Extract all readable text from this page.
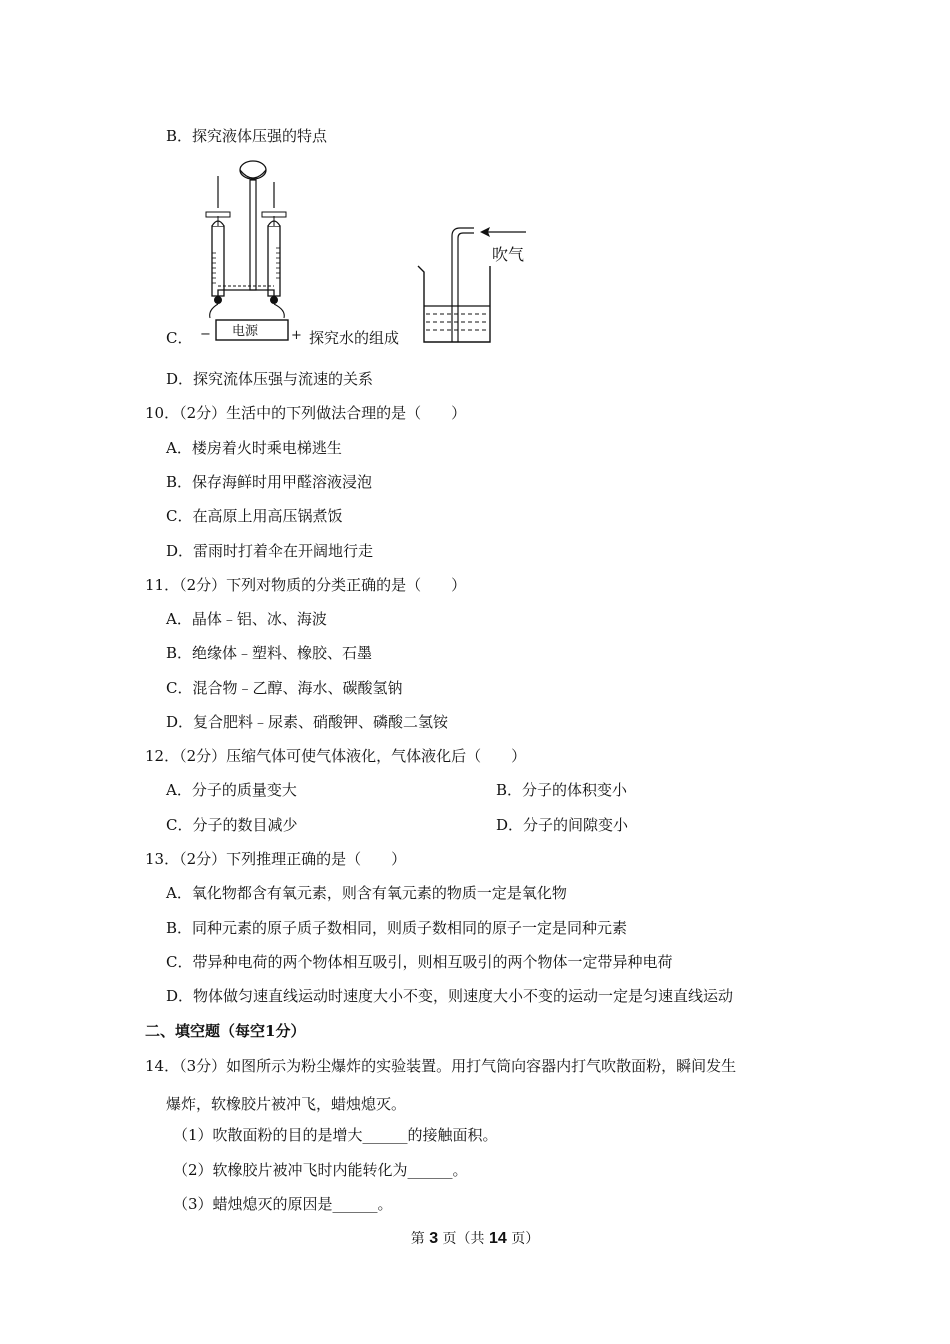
B．探究液体压强的特点
电源
−	+
C．	探究水的组成
吹气
D．探究流体压强与流速的关系
10．（2分）生活中的下列做法合理的是（　　）
A．楼房着火时乘电梯逃生
B．保存海鲜时用甲醛溶液浸泡
C．在高原上用高压锅煮饭
D．雷雨时打着伞在开阔地行走
11．（2分）下列对物质的分类正确的是（　　）
A．晶体﹣铝、冰、海波
B．绝缘体﹣塑料、橡胶、石墨
C．混合物﹣乙醇、海水、碳酸氢钠
D．复合肥料﹣尿素、硝酸钾、磷酸二氢铵
12．（2分）压缩气体可使气体液化，气体液化后（　　）
A．分子的质量变大	B．分子的体积变小
C．分子的数目减少	D．分子的间隙变小
13．（2分）下列推理正确的是（　　）
A．氧化物都含有氧元素，则含有氧元素的物质一定是氧化物
B．同种元素的原子质子数相同，则质子数相同的原子一定是同种元素
C．带异种电荷的两个物体相互吸引，则相互吸引的两个物体一定带异种电荷
D．物体做匀速直线运动时速度大小不变，则速度大小不变的运动一定是匀速直线运动
二、填空题（每空1分）
14．（3分）如图所示为粉尘爆炸的实验装置。用打气筒向容器内打气吹散面粉，瞬间发生
爆炸，软橡胶片被冲飞，蜡烛熄灭。
（1）吹散面粉的目的是增大______的接触面积。
（2）软橡胶片被冲飞时内能转化为______。
（3）蜡烛熄灭的原因是______。
第 3 页（共 14 页）
